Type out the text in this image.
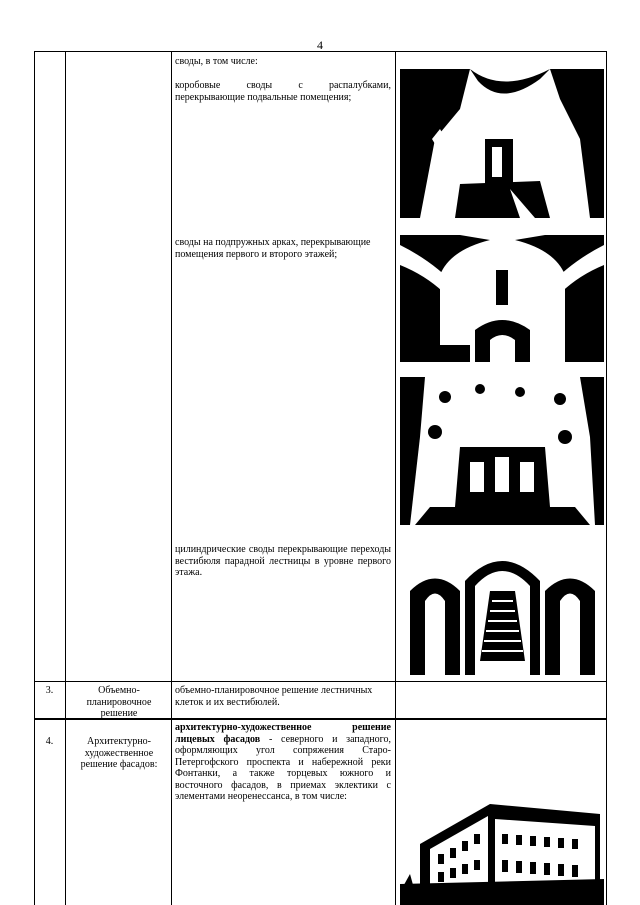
4
своды, в том числе:
коробовые своды с распалубками, перекрывающие подвальные помещения;
своды на подпружных арках, перекрывающие помещения первого и второго этажей;
цилиндрические своды перекрывающие переходы вестибюля парадной лестницы в уровне первого этажа.
3.	Объемно-планировочное решение
объемно-планировочное решение лестничных клеток и их вестибюлей.
4.	Архитектурно-художественное решение фасадов:
архитектурно-художественное решение лицевых фасадов - северного и западного, оформляющих угол сопряжения Старо-Петергофского проспекта и набережной реки Фонтанки, а также торцевых южного и восточного фасадов, в приемах эклектики с элементами неоренессанса, в том числе:
